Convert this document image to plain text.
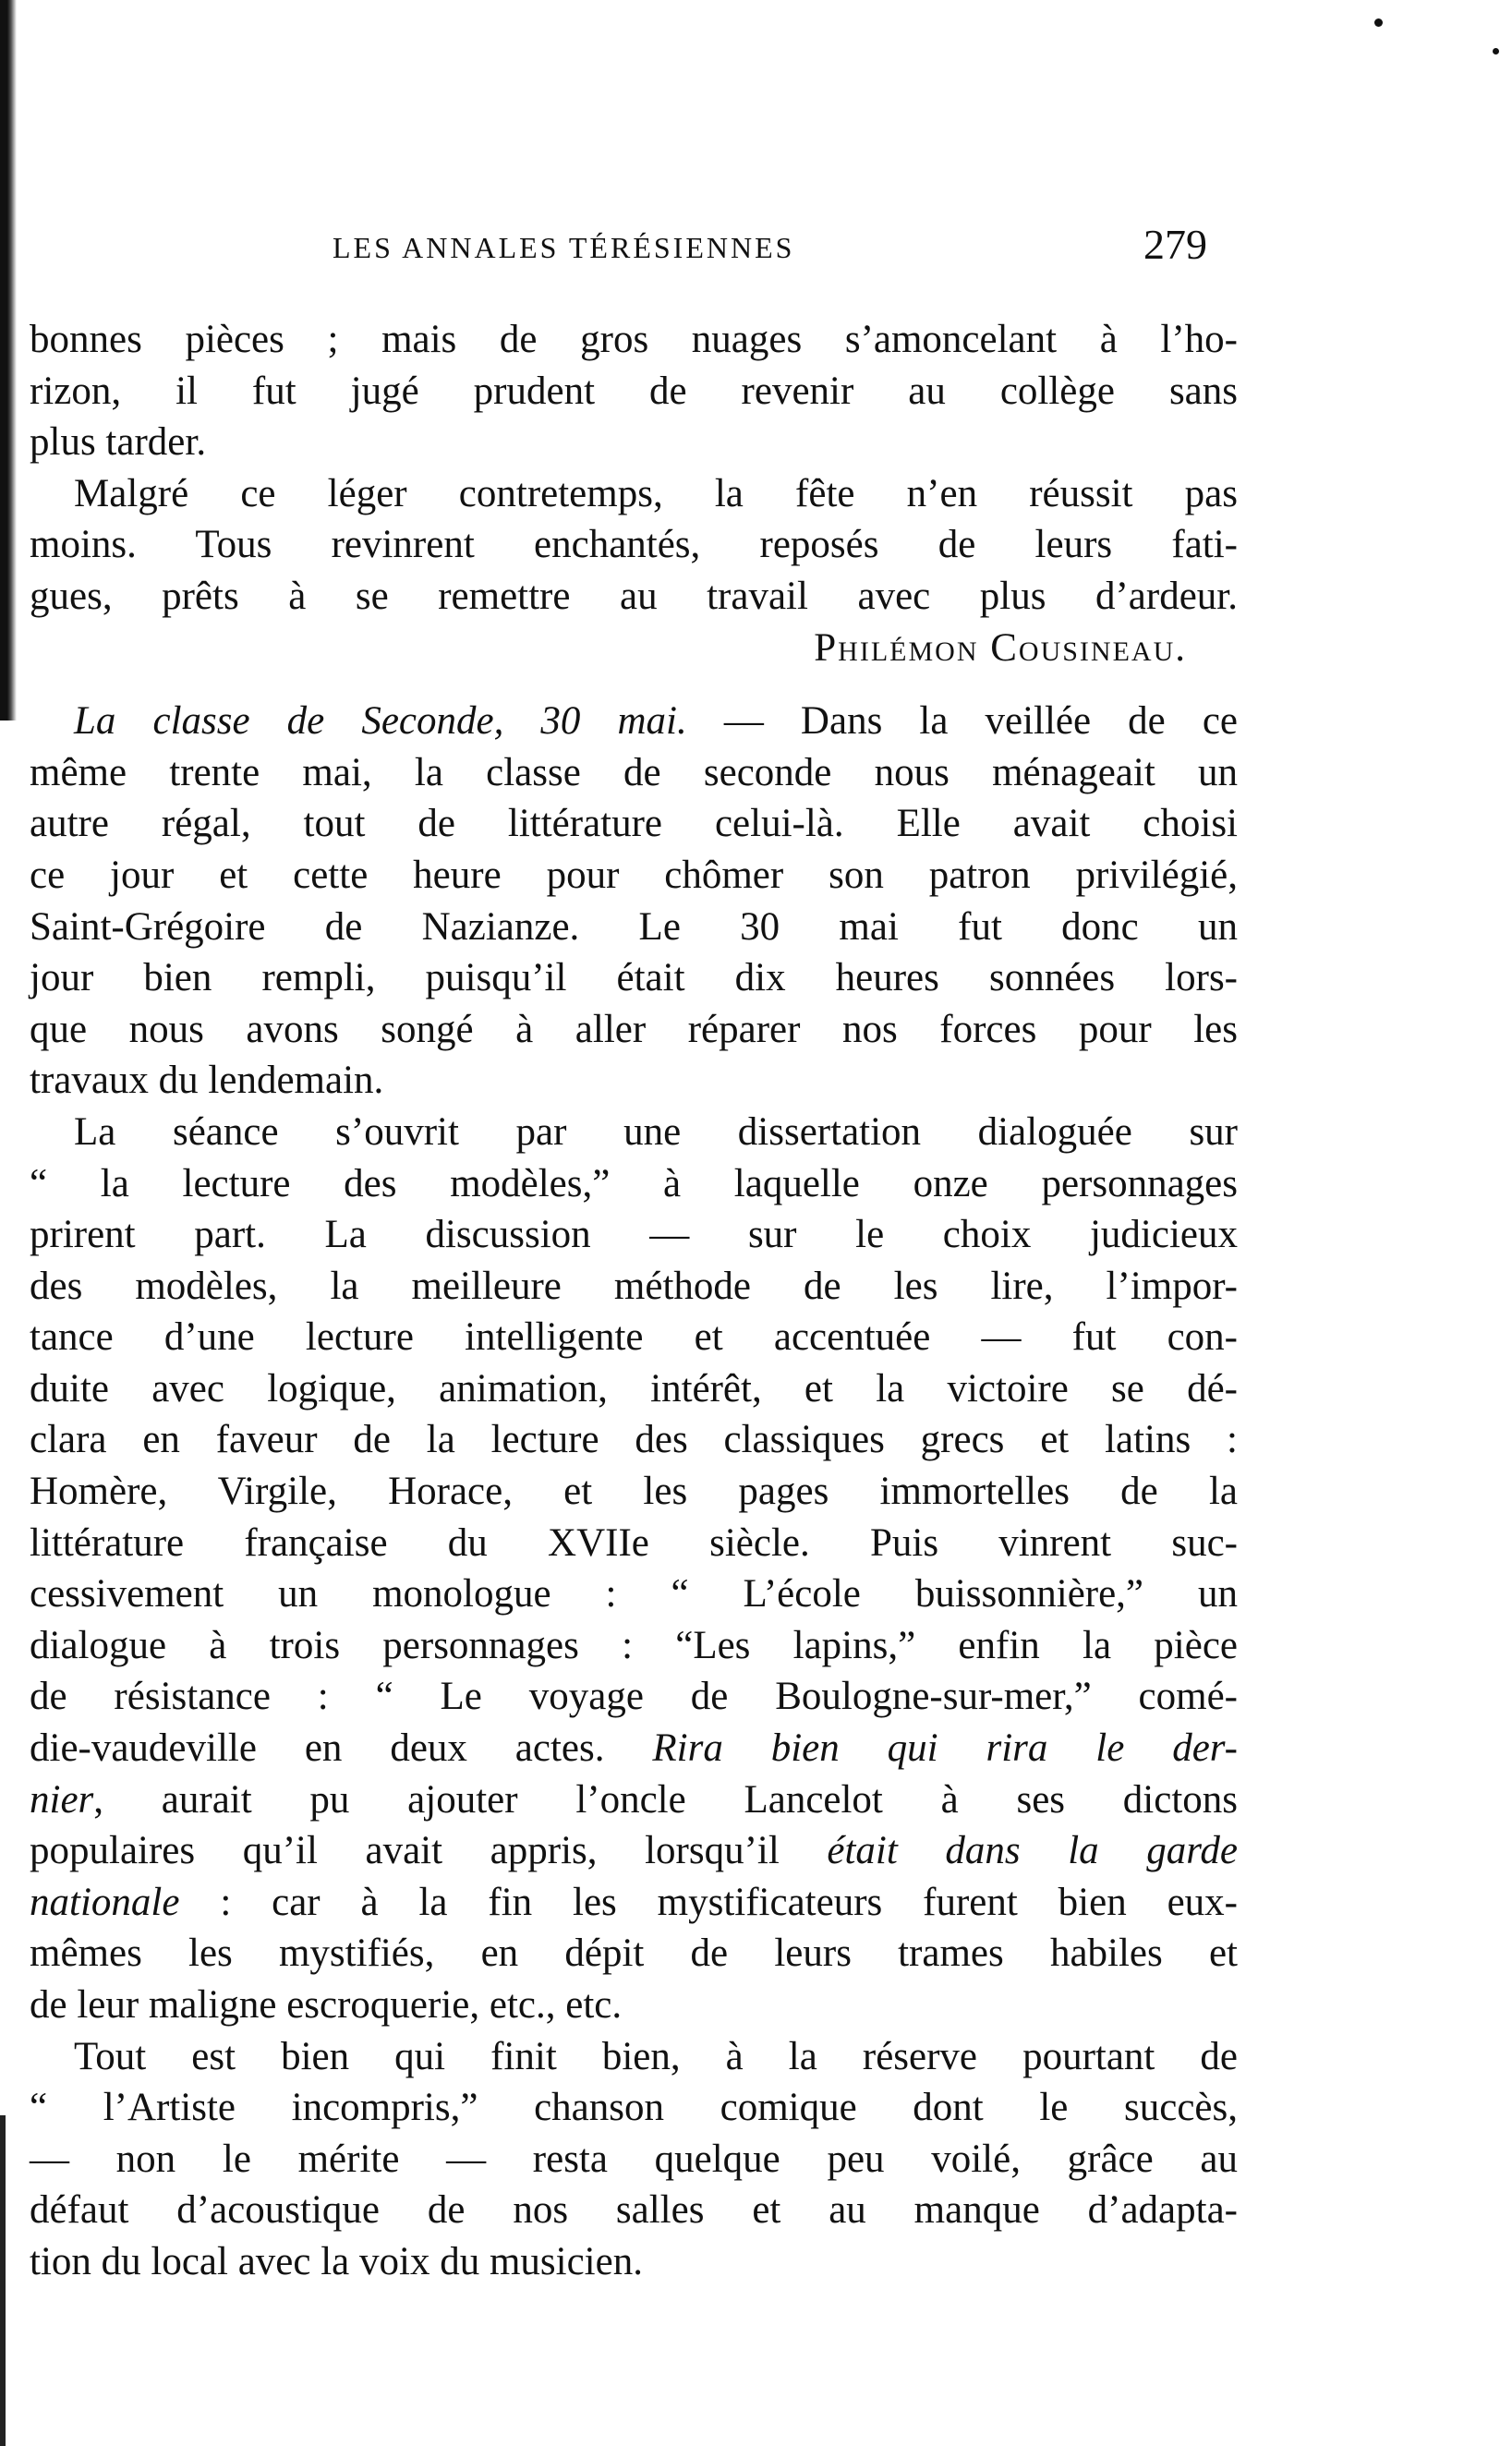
LES ANNALES TÉRÉSIENNES	279
bonnes pièces ; mais de gros nuages s’amoncelant à l’ho-
rizon, il fut jugé prudent de revenir au collège sans
plus tarder.
Malgré ce léger contretemps, la fête n’en réussit pas
moins. Tous revinrent enchantés, reposés de leurs fati-
gues, prêts à se remettre au travail avec plus d’ardeur.
Philémon Cousineau.
La classe de Seconde, 30 mai. — Dans la veillée de ce
même trente mai, la classe de seconde nous ménageait un
autre régal, tout de littérature celui-là. Elle avait choisi
ce jour et cette heure pour chômer son patron privilégié,
Saint-Grégoire de Nazianze. Le 30 mai fut donc un
jour bien rempli, puisqu’il était dix heures sonnées lors-
que nous avons songé à aller réparer nos forces pour les
travaux du lendemain.
La séance s’ouvrit par une dissertation dialoguée sur
“ la lecture des modèles,” à laquelle onze personnages
prirent part. La discussion — sur le choix judicieux
des modèles, la meilleure méthode de les lire, l’impor-
tance d’une lecture intelligente et accentuée — fut con-
duite avec logique, animation, intérêt, et la victoire se dé-
clara en faveur de la lecture des classiques grecs et latins :
Homère, Virgile, Horace, et les pages immortelles de la
littérature française du XVIIe siècle. Puis vinrent suc-
cessivement un monologue : “ L’école buissonnière,” un
dialogue à trois personnages : “Les lapins,” enfin la pièce
de résistance : “ Le voyage de Boulogne-sur-mer,” comé-
die-vaudeville en deux actes. Rira bien qui rira le der-
nier, aurait pu ajouter l’oncle Lancelot à ses dictons
populaires qu’il avait appris, lorsqu’il était dans la garde
nationale : car à la fin les mystificateurs furent bien eux-
mêmes les mystifiés, en dépit de leurs trames habiles et
de leur maligne escroquerie, etc., etc.
Tout est bien qui finit bien, à la réserve pourtant de
“ l’Artiste incompris,” chanson comique dont le succès,
— non le mérite — resta quelque peu voilé, grâce au
défaut d’acoustique de nos salles et au manque d’adapta-
tion du local avec la voix du musicien.
